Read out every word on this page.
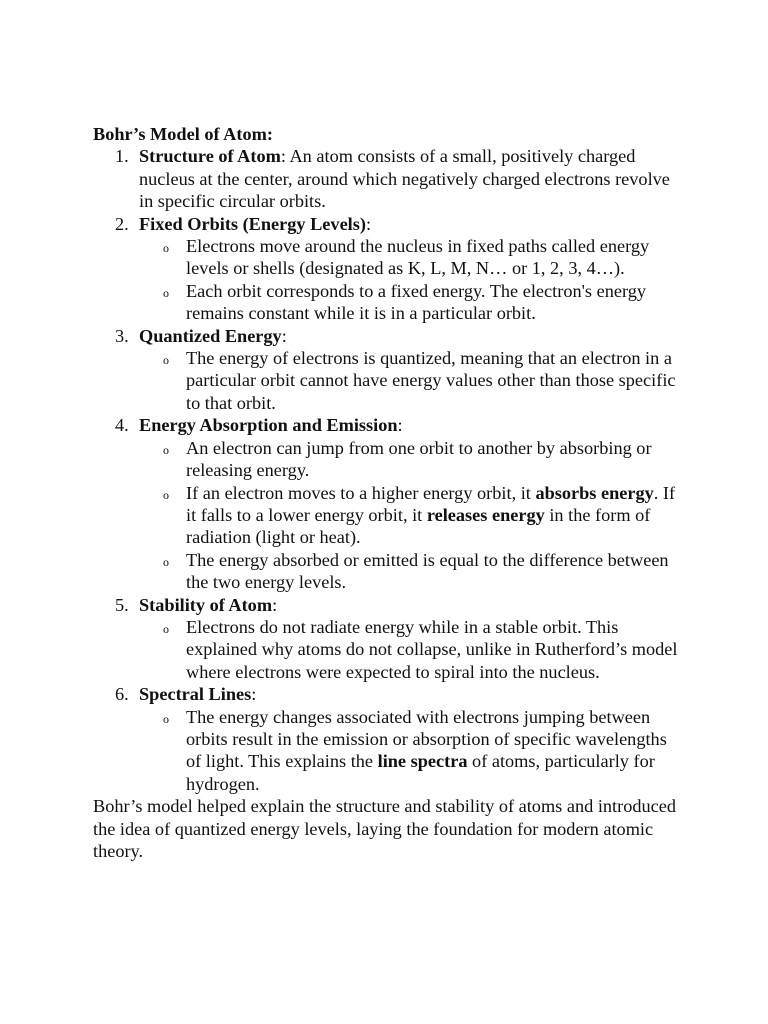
Bohr’s Model of Atom:

1. Structure of Atom: An atom consists of a small, positively charged nucleus at the center, around which negatively charged electrons revolve in specific circular orbits.
2. Fixed Orbits (Energy Levels):
o Electrons move around the nucleus in fixed paths called energy levels or shells (designated as K, L, M, N… or 1, 2, 3, 4…).
o Each orbit corresponds to a fixed energy. The electron's energy remains constant while it is in a particular orbit.
3. Quantized Energy:
o The energy of electrons is quantized, meaning that an electron in a particular orbit cannot have energy values other than those specific to that orbit.
4. Energy Absorption and Emission:
o An electron can jump from one orbit to another by absorbing or releasing energy.
o If an electron moves to a higher energy orbit, it absorbs energy. If it falls to a lower energy orbit, it releases energy in the form of radiation (light or heat).
o The energy absorbed or emitted is equal to the difference between the two energy levels.
5. Stability of Atom:
o Electrons do not radiate energy while in a stable orbit. This explained why atoms do not collapse, unlike in Rutherford’s model where electrons were expected to spiral into the nucleus.
6. Spectral Lines:
o The energy changes associated with electrons jumping between orbits result in the emission or absorption of specific wavelengths of light. This explains the line spectra of atoms, particularly for hydrogen.

Bohr’s model helped explain the structure and stability of atoms and introduced the idea of quantized energy levels, laying the foundation for modern atomic theory.
